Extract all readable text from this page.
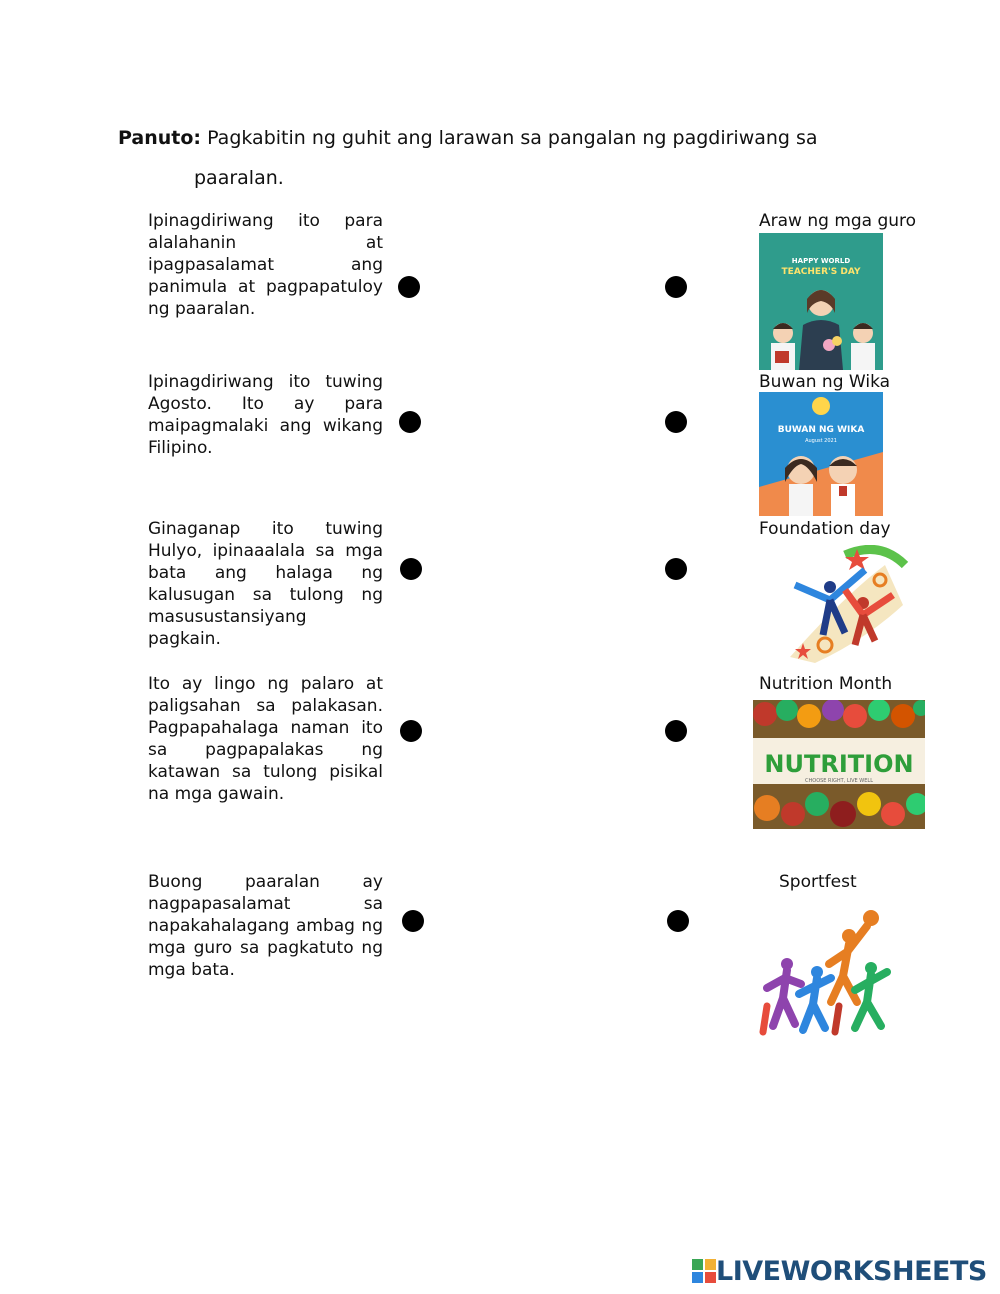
Panuto: Pagkabitin ng guhit ang larawan sa pangalan ng pagdiriwang sa
paaralan.
Ipinagdiriwang ito para alalahanin at ipagpasalamat ang panimula at pagpapatuloy ng paaralan.
Ipinagdiriwang ito tuwing Agosto. Ito ay para maipagmalaki ang wikang Filipino.
Ginaganap ito tuwing Hulyo, ipinaaalala sa mga bata ang halaga ng kalusugan sa tulong ng masusustansiyang pagkain.
Ito ay lingo ng palaro at paligsahan sa palakasan. Pagpapahalaga naman ito sa pagpapalakas ng katawan sa tulong pisikal na mga gawain.
Buong paaralan ay nagpapasalamat sa napakahalagang ambag ng mga guro sa pagkatuto ng mga bata.
Araw ng mga guro
Buwan ng Wika
Foundation day
Nutrition Month
Sportfest
HAPPY WORLD
TEACHER'S DAY
BUWAN NG WIKA
August 2021
NUTRITION
CHOOSE RIGHT, LIVE WELL
LIVEWORKSHEETS
